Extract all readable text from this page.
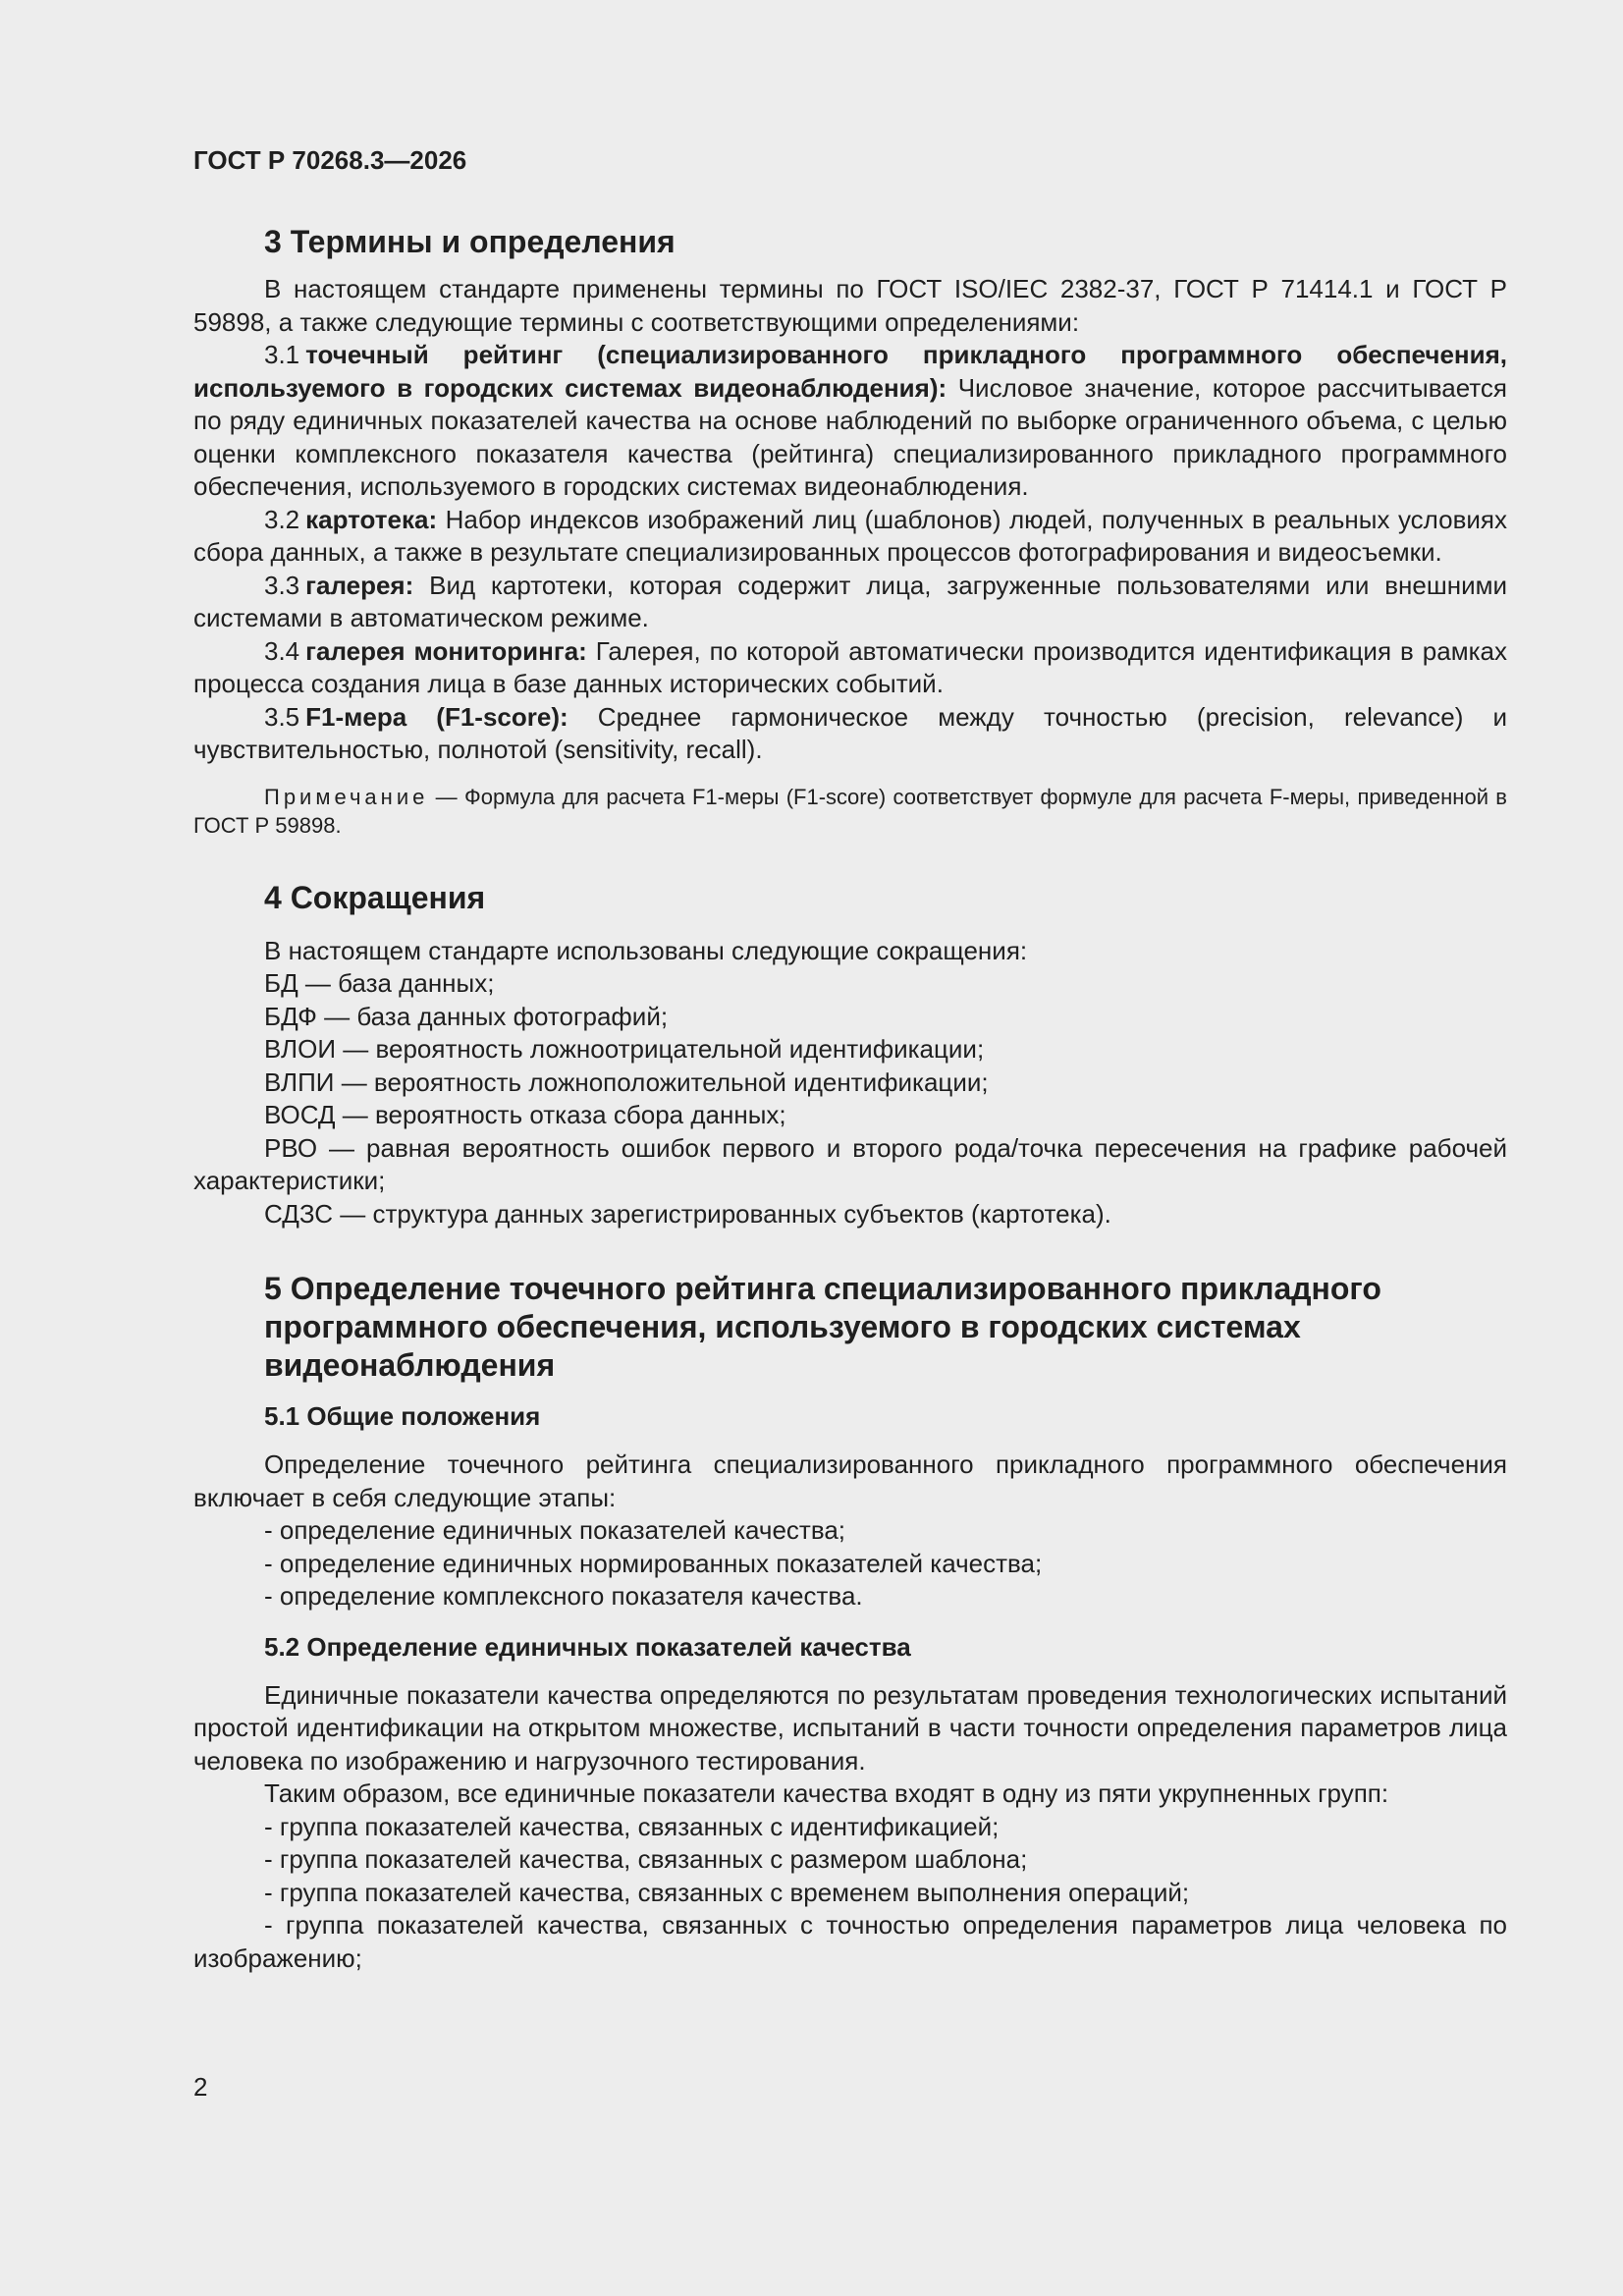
ГОСТ Р 70268.3—2026
3 Термины и определения

В настоящем стандарте применены термины по ГОСТ ISO/IEC 2382-37, ГОСТ Р 71414.1 и ГОСТ Р 59898, а также следующие термины с соответствующими определениями:

3.1 точечный рейтинг (специализированного прикладного программного обеспечения, используемого в городских системах видеонаблюдения): Числовое значение, которое рассчитывается по ряду единичных показателей качества на основе наблюдений по выборке ограниченного объема, с целью оценки комплексного показателя качества (рейтинга) специализированного прикладного программного обеспечения, используемого в городских системах видеонаблюдения.

3.2 картотека: Набор индексов изображений лиц (шаблонов) людей, полученных в реальных условиях сбора данных, а также в результате специализированных процессов фотографирования и видеосъемки.

3.3 галерея: Вид картотеки, которая содержит лица, загруженные пользователями или внешними системами в автоматическом режиме.

3.4 галерея мониторинга: Галерея, по которой автоматически производится идентификация в рамках процесса создания лица в базе данных исторических событий.

3.5 F1-мера (F1-score): Среднее гармоническое между точностью (precision, relevance) и чувствительностью, полнотой (sensitivity, recall).

Примечание — Формула для расчета F1-меры (F1-score) соответствует формуле для расчета F-меры, приведенной в ГОСТ Р 59898.

4 Сокращения

В настоящем стандарте использованы следующие сокращения:

БД — база данных;

БДФ — база данных фотографий;

ВЛОИ — вероятность ложноотрицательной идентификации;

ВЛПИ — вероятность ложноположительной идентификации;

ВОСД — вероятность отказа сбора данных;

РВО — равная вероятность ошибок первого и второго рода/точка пересечения на графике рабочей характеристики;

СДЗС — структура данных зарегистрированных субъектов (картотека).

5 Определение точечного рейтинга специализированного прикладного программного обеспечения, используемого в городских системах видеонаблюдения
5.1 Общие положения

Определение точечного рейтинга специализированного прикладного программного обеспечения включает в себя следующие этапы:

- определение единичных показателей качества;

- определение единичных нормированных показателей качества;

- определение комплексного показателя качества.

5.2 Определение единичных показателей качества

Единичные показатели качества определяются по результатам проведения технологических испытаний простой идентификации на открытом множестве, испытаний в части точности определения параметров лица человека по изображению и нагрузочного тестирования.

Таким образом, все единичные показатели качества входят в одну из пяти укрупненных групп:

- группа показателей качества, связанных с идентификацией;

- группа показателей качества, связанных с размером шаблона;

- группа показателей качества, связанных с временем выполнения операций;

- группа показателей качества, связанных с точностью определения параметров лица человека по изображению;

2
